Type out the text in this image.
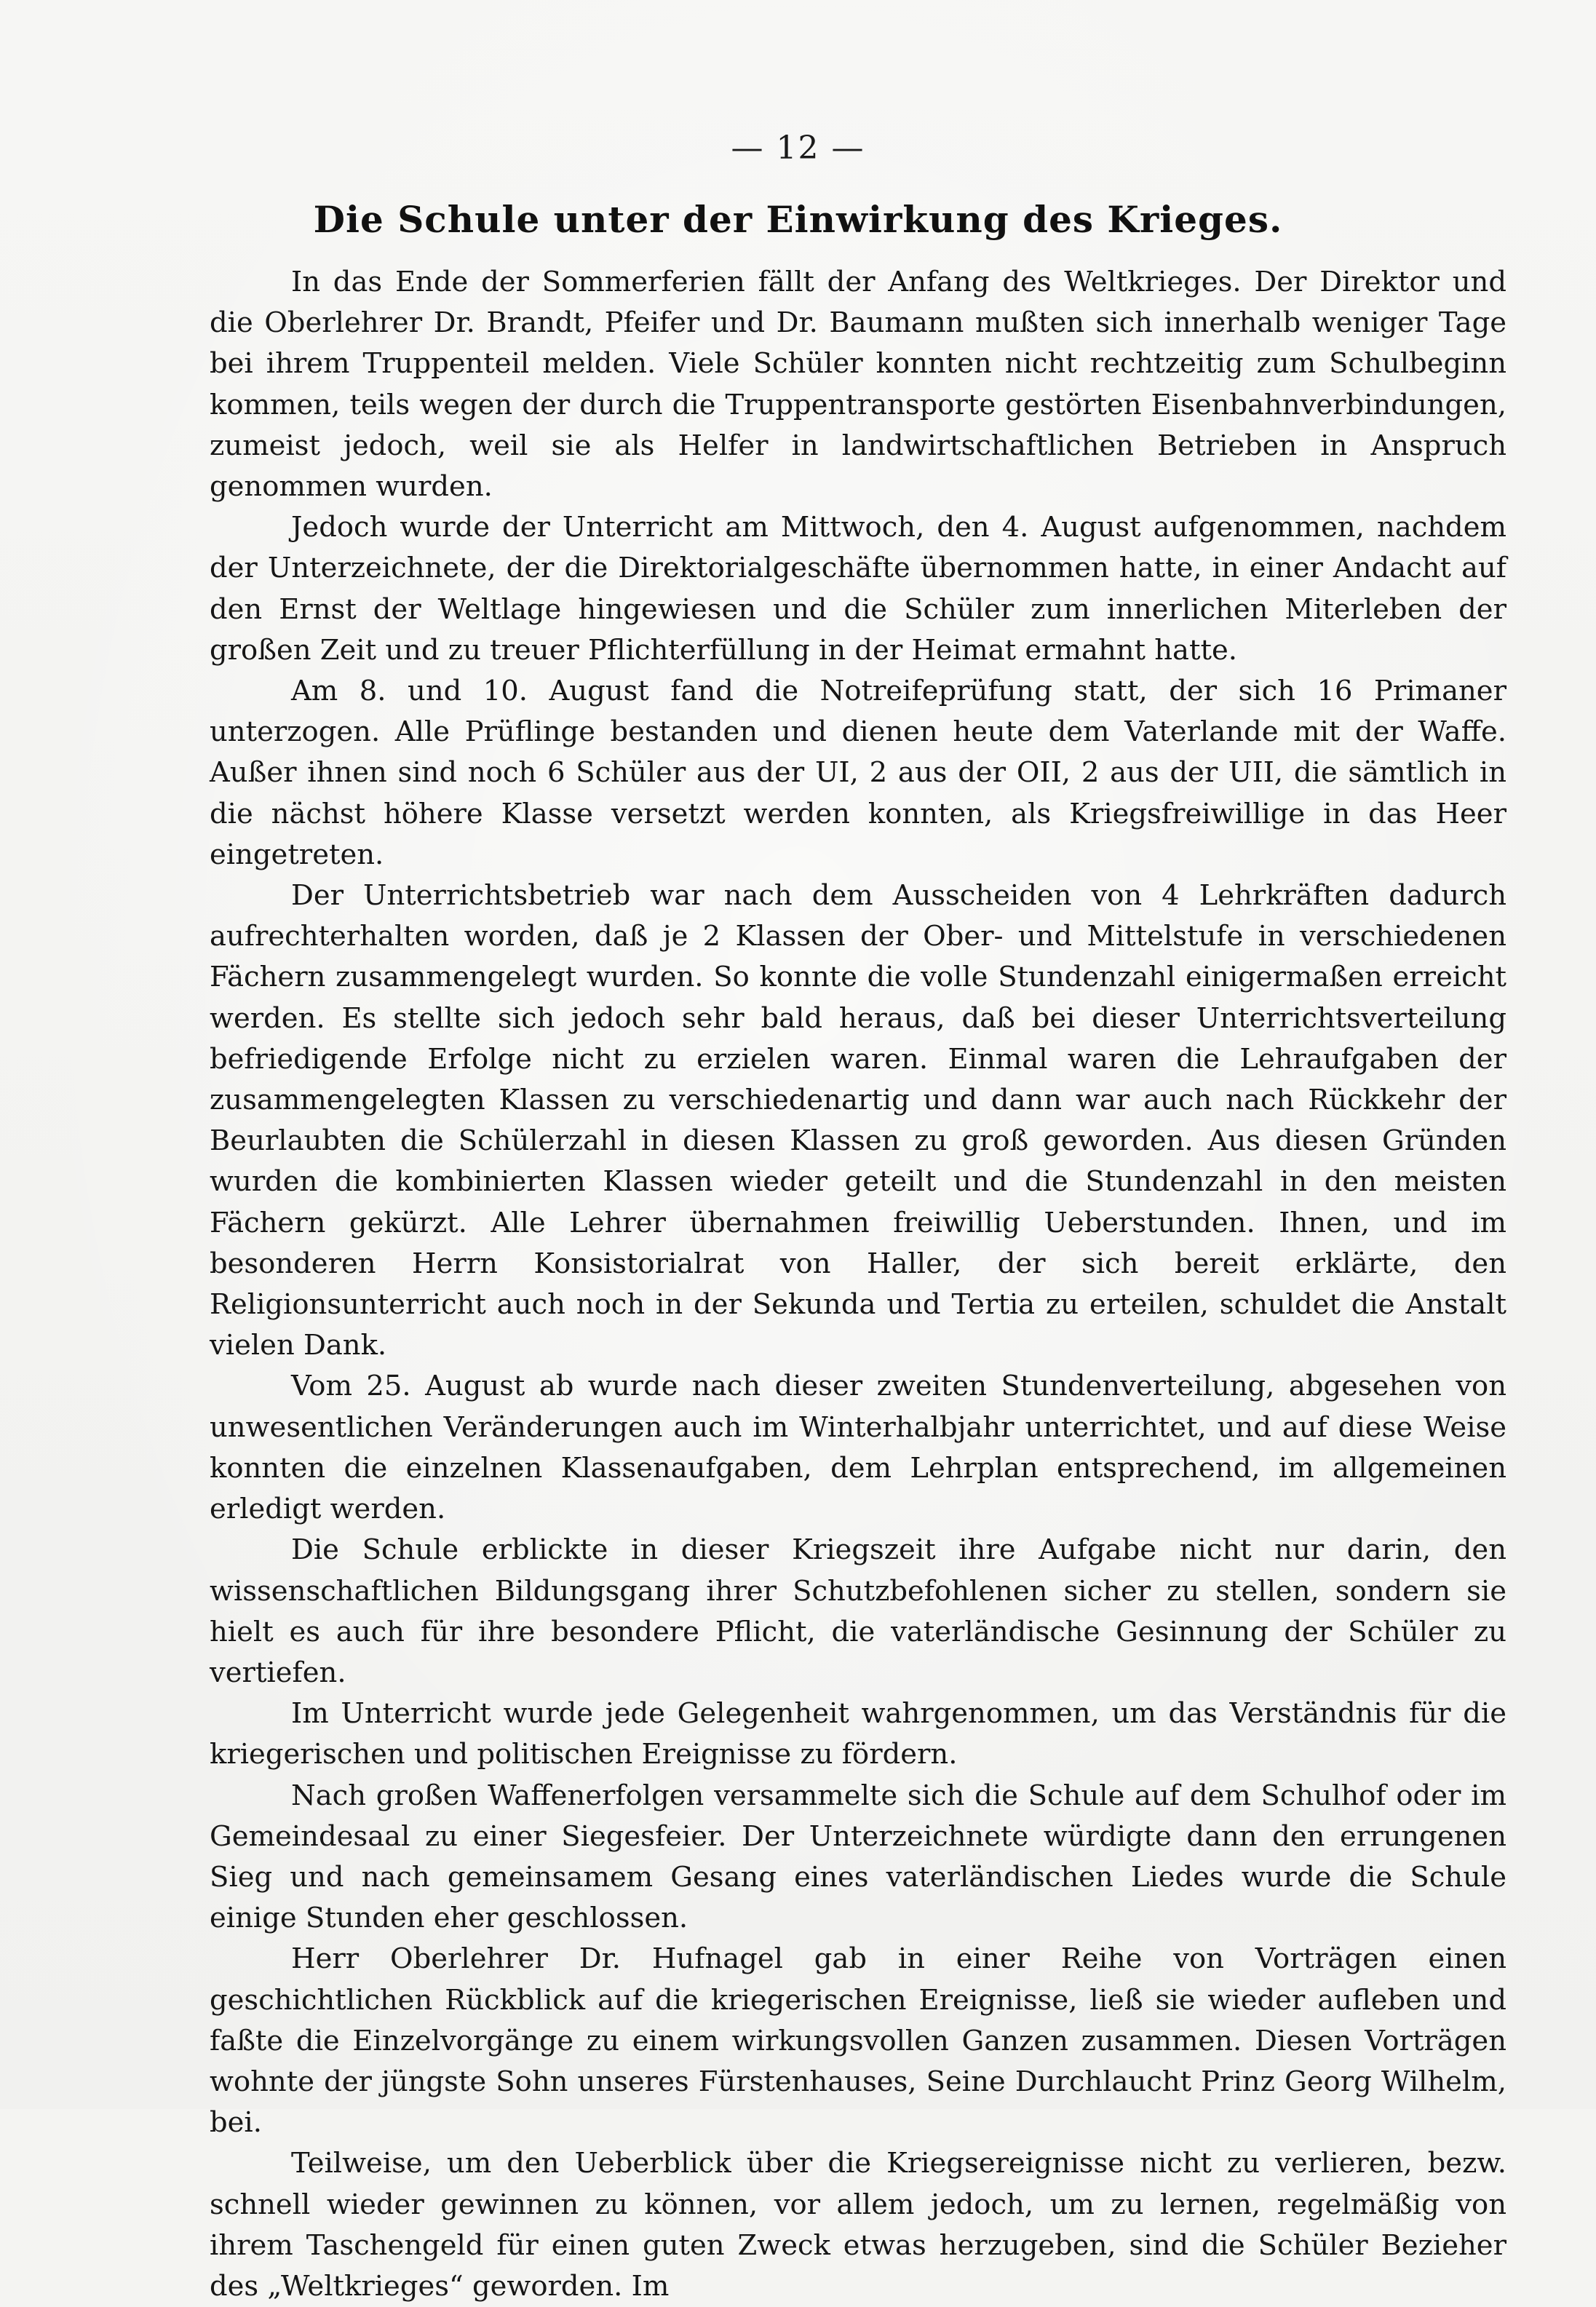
— 12 —
Die Schule unter der Einwirkung des Krieges.

In das Ende der Sommerferien fällt der Anfang des Weltkrieges. Der Direktor und die Oberlehrer Dr. Brandt, Pfeifer und Dr. Baumann mußten sich innerhalb weniger Tage bei ihrem Truppenteil melden. Viele Schüler konnten nicht rechtzeitig zum Schulbeginn kommen, teils wegen der durch die Truppentransporte gestörten Eisenbahnverbindungen, zumeist jedoch, weil sie als Helfer in landwirtschaftlichen Betrieben in Anspruch genommen wurden.

Jedoch wurde der Unterricht am Mittwoch, den 4. August aufgenommen, nachdem der Unterzeichnete, der die Direktorialgeschäfte übernommen hatte, in einer Andacht auf den Ernst der Weltlage hingewiesen und die Schüler zum innerlichen Miterleben der großen Zeit und zu treuer Pflichterfüllung in der Heimat ermahnt hatte.

Am 8. und 10. August fand die Notreifeprüfung statt, der sich 16 Primaner unterzogen. Alle Prüflinge bestanden und dienen heute dem Vaterlande mit der Waffe. Außer ihnen sind noch 6 Schüler aus der UI, 2 aus der OII, 2 aus der UII, die sämtlich in die nächst höhere Klasse versetzt werden konnten, als Kriegsfreiwillige in das Heer eingetreten.

Der Unterrichtsbetrieb war nach dem Ausscheiden von 4 Lehrkräften dadurch aufrechterhalten worden, daß je 2 Klassen der Ober- und Mittelstufe in verschiedenen Fächern zusammengelegt wurden. So konnte die volle Stundenzahl einigermaßen erreicht werden. Es stellte sich jedoch sehr bald heraus, daß bei dieser Unterrichtsverteilung befriedigende Erfolge nicht zu erzielen waren. Einmal waren die Lehraufgaben der zusammengelegten Klassen zu verschiedenartig und dann war auch nach Rückkehr der Beurlaubten die Schülerzahl in diesen Klassen zu groß geworden. Aus diesen Gründen wurden die kombinierten Klassen wieder geteilt und die Stundenzahl in den meisten Fächern gekürzt. Alle Lehrer übernahmen freiwillig Ueberstunden. Ihnen, und im besonderen Herrn Konsistorialrat von Haller, der sich bereit erklärte, den Religionsunterricht auch noch in der Sekunda und Tertia zu erteilen, schuldet die Anstalt vielen Dank.

Vom 25. August ab wurde nach dieser zweiten Stundenverteilung, abgesehen von unwesentlichen Veränderungen auch im Winterhalbjahr unterrichtet, und auf diese Weise konnten die einzelnen Klassenaufgaben, dem Lehrplan entsprechend, im allgemeinen erledigt werden.

Die Schule erblickte in dieser Kriegszeit ihre Aufgabe nicht nur darin, den wissenschaftlichen Bildungsgang ihrer Schutzbefohlenen sicher zu stellen, sondern sie hielt es auch für ihre besondere Pflicht, die vaterländische Gesinnung der Schüler zu vertiefen.

Im Unterricht wurde jede Gelegenheit wahrgenommen, um das Verständnis für die kriegerischen und politischen Ereignisse zu fördern.

Nach großen Waffenerfolgen versammelte sich die Schule auf dem Schulhof oder im Gemeindesaal zu einer Siegesfeier. Der Unterzeichnete würdigte dann den errungenen Sieg und nach gemeinsamem Gesang eines vaterländischen Liedes wurde die Schule einige Stunden eher geschlossen.

Herr Oberlehrer Dr. Hufnagel gab in einer Reihe von Vorträgen einen geschichtlichen Rückblick auf die kriegerischen Ereignisse, ließ sie wieder aufleben und faßte die Einzelvorgänge zu einem wirkungsvollen Ganzen zusammen. Diesen Vorträgen wohnte der jüngste Sohn unseres Fürstenhauses, Seine Durchlaucht Prinz Georg Wilhelm, bei.

Teilweise, um den Ueberblick über die Kriegsereignisse nicht zu verlieren, bezw. schnell wieder gewinnen zu können, vor allem jedoch, um zu lernen, regelmäßig von ihrem Taschengeld für einen guten Zweck etwas herzugeben, sind die Schüler Bezieher des „Weltkrieges“ geworden. Im
